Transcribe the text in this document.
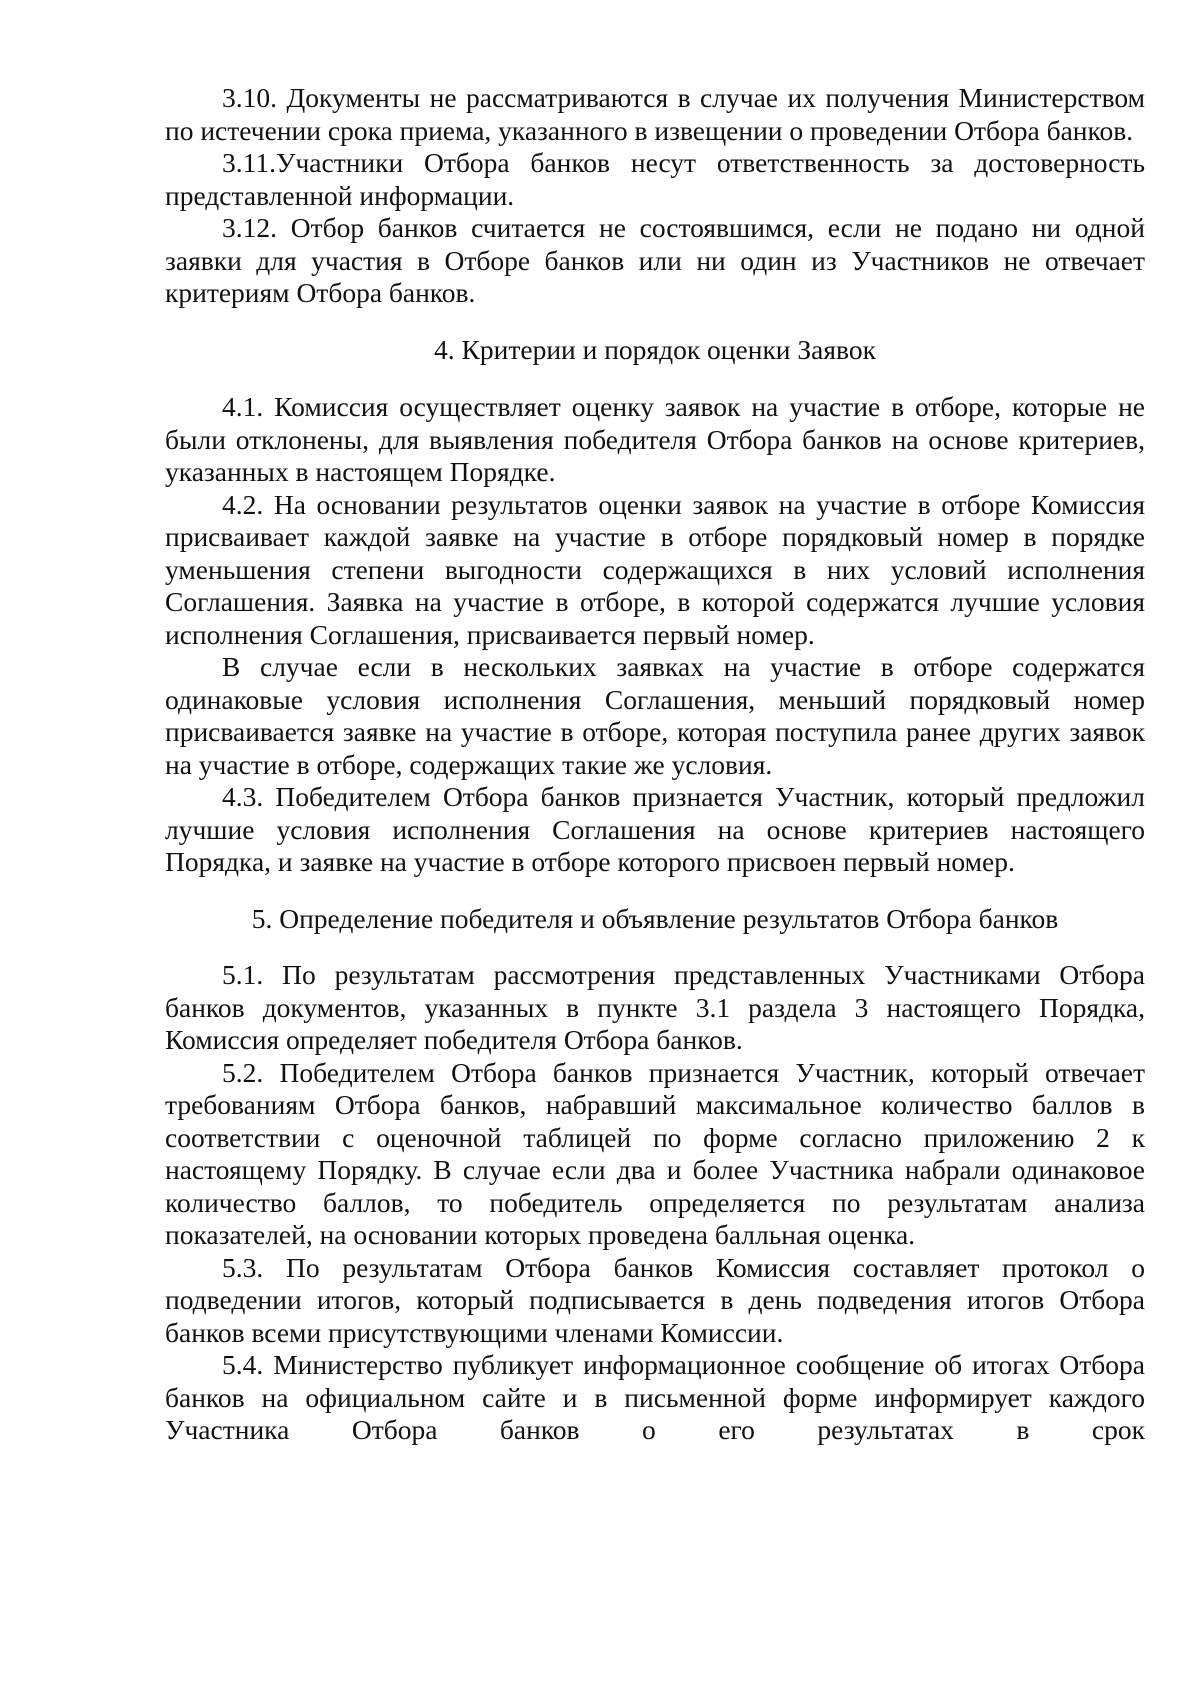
3.10. Документы не рассматриваются в случае их получения Министерством по истечении срока приема, указанного в извещении о проведении Отбора банков.

3.11.Участники Отбора банков несут ответственность за достоверность представленной информации.

3.12. Отбор банков считается не состоявшимся, если не подано ни одной заявки для участия в Отборе банков или ни один из Участников не отвечает критериям Отбора банков.

4. Критерии и порядок оценки Заявок

4.1. Комиссия осуществляет оценку заявок на участие в отборе, которые не были отклонены, для выявления победителя Отбора банков на основе критериев, указанных в настоящем Порядке.

4.2. На основании результатов оценки заявок на участие в отборе Комиссия присваивает каждой заявке на участие в отборе порядковый номер в порядке уменьшения степени выгодности содержащихся в них условий исполнения Соглашения. Заявка на участие в отборе, в которой содержатся лучшие условия исполнения Соглашения, присваивается первый номер.

В случае если в нескольких заявках на участие в отборе содержатся одинаковые условия исполнения Соглашения, меньший порядковый номер присваивается заявке на участие в отборе, которая поступила ранее других заявок на участие в отборе, содержащих такие же условия.

4.3. Победителем Отбора банков признается Участник, который предложил лучшие условия исполнения Соглашения на основе критериев настоящего Порядка, и заявке на участие в отборе которого присвоен первый номер.

5. Определение победителя и объявление результатов Отбора банков

5.1. По результатам рассмотрения представленных Участниками Отбора банков документов, указанных в пункте 3.1 раздела 3 настоящего Порядка, Комиссия определяет победителя Отбора банков.

5.2. Победителем Отбора банков признается Участник, который отвечает требованиям Отбора банков, набравший максимальное количество баллов в соответствии с оценочной таблицей по форме согласно приложению 2 к настоящему Порядку. В случае если два и более Участника набрали одинаковое количество баллов, то победитель определяется по результатам анализа показателей, на основании которых проведена балльная оценка.

5.3. По результатам Отбора банков Комиссия составляет протокол о подведении итогов, который подписывается в день подведения итогов Отбора банков всеми присутствующими членами Комиссии.

5.4. Министерство публикует информационное сообщение об итогах Отбора банков на официальном сайте и в письменной форме информирует каждого Участника Отбора банков о его результатах в срок
